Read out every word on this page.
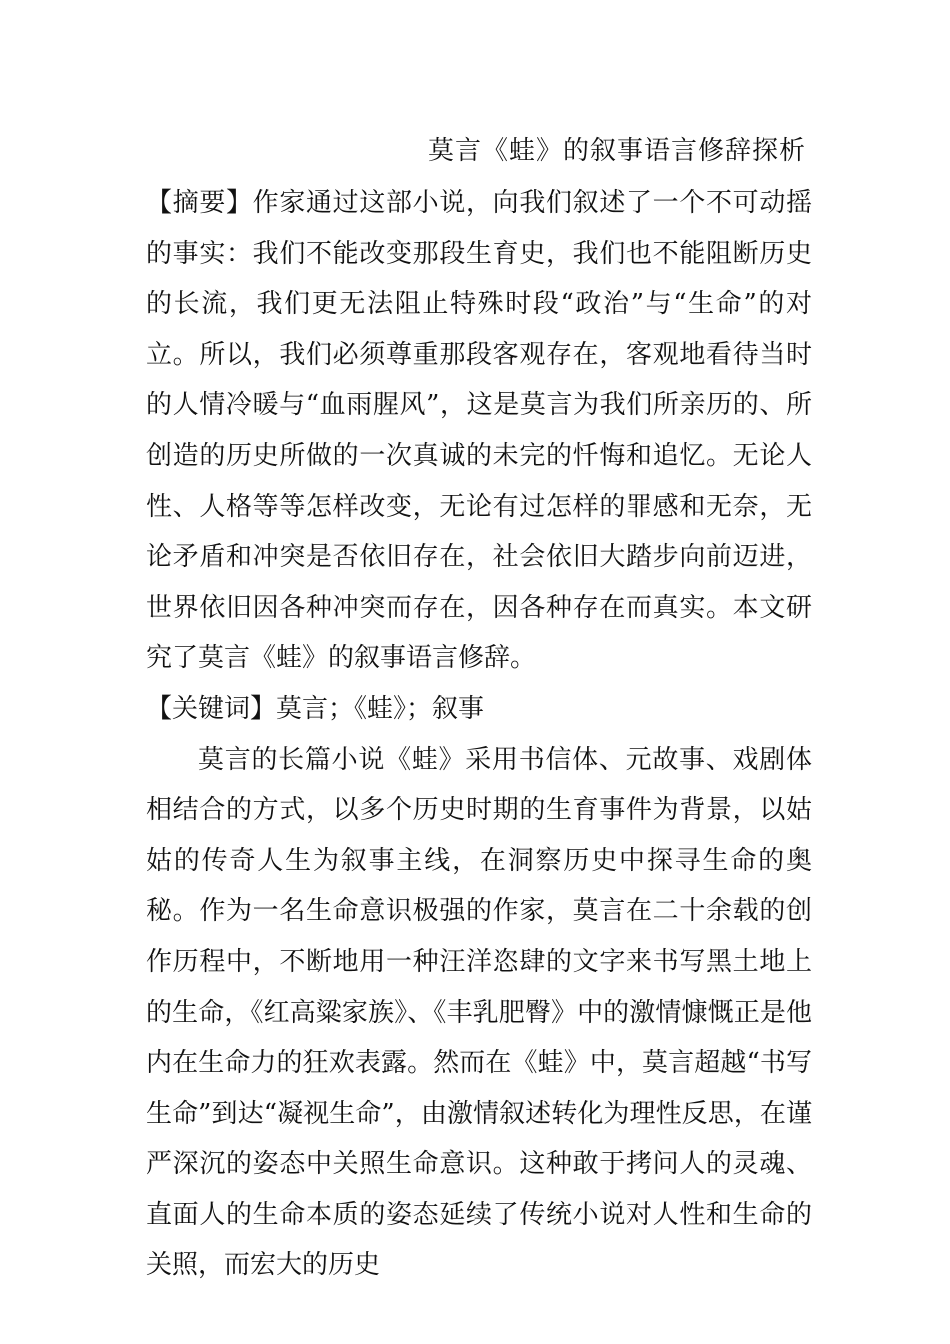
莫言《蛙》的叙事语言修辞探析

【摘要】作家通过这部小说，向我们叙述了一个不可动摇的事实：我们不能改变那段生育史，我们也不能阻断历史的长流，我们更无法阻止特殊时段“政治”与“生命”的对立。所以，我们必须尊重那段客观存在，客观地看待当时的人情冷暖与“血雨腥风”，这是莫言为我们所亲历的、所创造的历史所做的一次真诚的未完的忏悔和追忆。无论人性、人格等等怎样改变，无论有过怎样的罪感和无奈，无论矛盾和冲突是否依旧存在，社会依旧大踏步向前迈进，世界依旧因各种冲突而存在，因各种存在而真实。本文研究了莫言《蛙》的叙事语言修辞。

【关键词】莫言；《蛙》；叙事

莫言的长篇小说《蛙》采用书信体、元故事、戏剧体相结合的方式，以多个历史时期的生育事件为背景，以姑姑的传奇人生为叙事主线，在洞察历史中探寻生命的奥秘。作为一名生命意识极强的作家，莫言在二十余载的创作历程中，不断地用一种汪洋恣肆的文字来书写黑土地上的生命，《红高粱家族》、《丰乳肥臀》中的激情慷慨正是他内在生命力的狂欢表露。然而在《蛙》中，莫言超越“书写生命”到达“凝视生命”，由激情叙述转化为理性反思，在谨严深沉的姿态中关照生命意识。这种敢于拷问人的灵魂、直面人的生命本质的姿态延续了传统小说对人性和生命的关照，而宏大的历史
